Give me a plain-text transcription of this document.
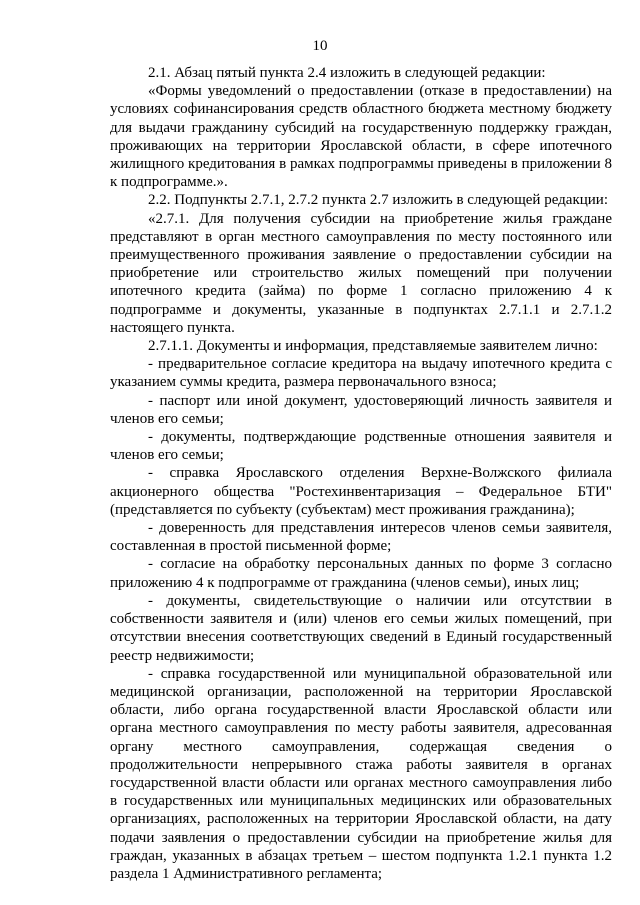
10

2.1. Абзац пятый пункта 2.4 изложить в следующей редакции:

«Формы уведомлений о предоставлении (отказе в предоставлении) на условиях софинансирования средств областного бюджета местному бюджету для выдачи гражданину субсидий на государственную поддержку граждан, проживающих на территории Ярославской области, в сфере ипотечного жилищного кредитования в рамках подпрограммы приведены в приложении 8 к подпрограмме.».

2.2. Подпункты 2.7.1, 2.7.2 пункта 2.7 изложить в следующей редакции:

«2.7.1. Для получения субсидии на приобретение жилья граждане представляют в орган местного самоуправления по месту постоянного или преимущественного проживания заявление о предоставлении субсидии на приобретение или строительство жилых помещений при получении ипотечного кредита (займа) по форме 1 согласно приложению 4 к подпрограмме и документы, указанные в подпунктах 2.7.1.1 и 2.7.1.2 настоящего пункта.

2.7.1.1. Документы и информация, представляемые заявителем лично:

- предварительное согласие кредитора на выдачу ипотечного кредита с указанием суммы кредита, размера первоначального взноса;

- паспорт или иной документ, удостоверяющий личность заявителя и членов его семьи;

- документы, подтверждающие родственные отношения заявителя и членов его семьи;

- справка Ярославского отделения Верхне-Волжского филиала акционерного общества "Ростехинвентаризация – Федеральное БТИ" (представляется по субъекту (субъектам) мест проживания гражданина);

- доверенность для представления интересов членов семьи заявителя, составленная в простой письменной форме;

- согласие на обработку персональных данных по форме 3 согласно приложению 4 к подпрограмме от гражданина (членов семьи), иных лиц;

- документы, свидетельствующие о наличии или отсутствии в собственности заявителя и (или) членов его семьи жилых помещений, при отсутствии внесения соответствующих сведений в Единый государственный реестр недвижимости;

- справка государственной или муниципальной образовательной или медицинской организации, расположенной на территории Ярославской области, либо органа государственной власти Ярославской области или органа местного самоуправления по месту работы заявителя, адресованная органу местного самоуправления, содержащая сведения о продолжительности непрерывного стажа работы заявителя в органах государственной власти области или органах местного самоуправления либо в государственных или муниципальных медицинских или образовательных организациях, расположенных на территории Ярославской области, на дату подачи заявления о предоставлении субсидии на приобретение жилья для граждан, указанных в абзацах третьем – шестом подпункта 1.2.1 пункта 1.2 раздела 1 Административного регламента;
